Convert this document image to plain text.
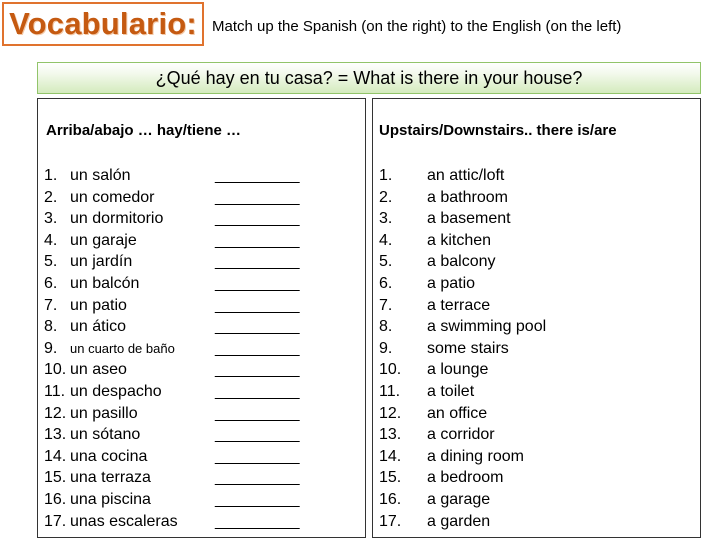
Vocabulario:	Match up the Spanish (on the right) to the English (on the left)
¿Qué hay en tu casa? = What is there in your house?
Arriba/abajo … hay/tiene …
1. un salón	__________
2. un comedor	__________
3. un dormitorio	__________
4. un garaje	__________
5. un jardín	__________
6. un balcón	__________
7. un patio	__________
8. un ático	__________
9. un cuarto de baño	__________
10. un aseo	__________
11. un despacho	__________
12. un pasillo	__________
13. un sótano	__________
14. una cocina	__________
15. una terraza	__________
16. una piscina	__________
17. unas escaleras __________
Upstairs/Downstairs.. there is/are
1. an attic/loft
2. a bathroom
3. a basement
4. a kitchen
5. a balcony
6. a patio
7. a terrace
8. a swimming pool
9. some stairs
10. a lounge
11. a toilet
12. an office
13. a corridor
14. a dining room
15. a bedroom
16. a garage
17. a garden
